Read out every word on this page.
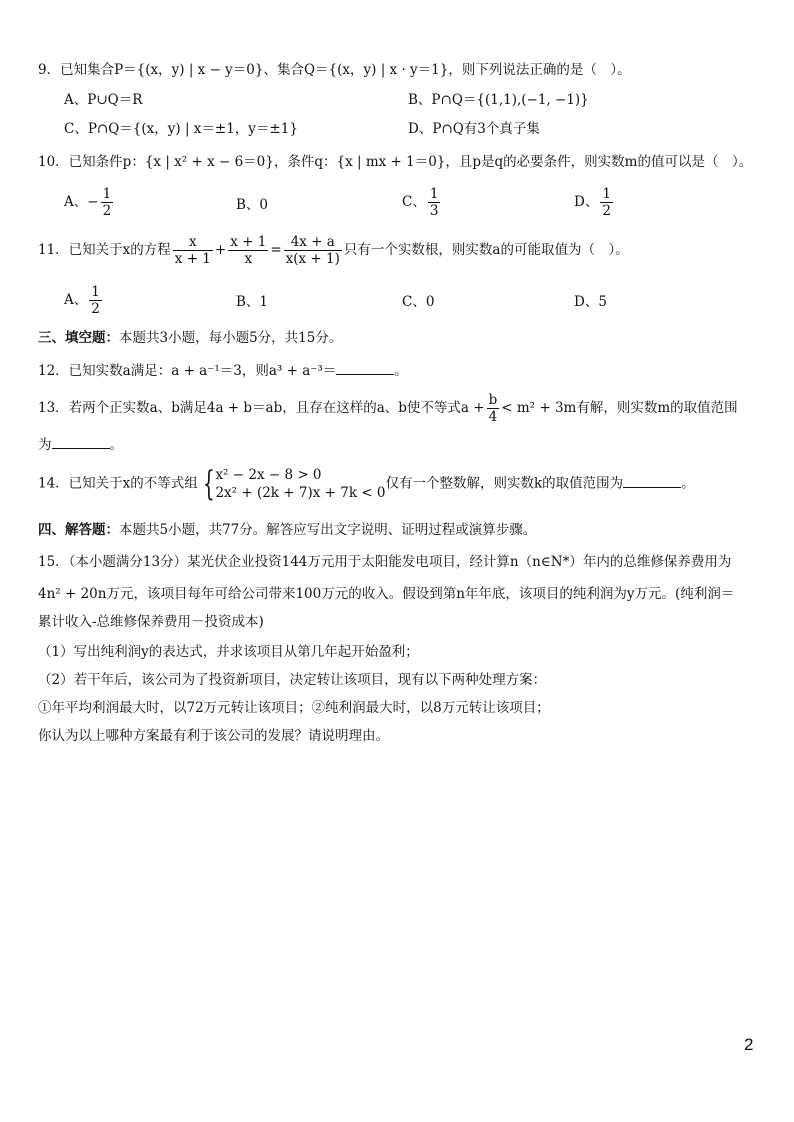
9．已知集合P＝{(x，y) | x − y＝0}、集合Q＝{(x，y) | x · y＝1}，则下列说法正确的是（　）。
A、P∪Q＝R	B、P∩Q＝{(1,1),(−1, −1)}
C、P∩Q＝{(x，y) | x＝±1，y＝±1}	D、P∩Q有3个真子集
10．已知条件p：{x | x² + x − 6＝0}，条件q：{x | mx + 1＝0}，且p是q的必要条件，则实数m的值可以是（　）。
A、− $\frac{1}{2}$	B、0	C、 $\frac{1}{3}$	D、 $\frac{1}{2}$
11．已知关于x的方程 $\frac{x}{x + 1} + \frac{x + 1}{x} = \frac{4x + a}{x(x + 1)}$ 只有一个实数根，则实数a的可能取值为（　）。
A、 $\frac{1}{2}$	B、1	C、0	D、5
三、填空题：本题共3小题，每小题5分，共15分。
12．已知实数a满足：a + a⁻¹＝3，则a³ + a⁻³＝	。
13．若两个正实数a、b满足4a + b＝ab，且存在这样的a、b使不等式$a + \frac{b}{4} < m^2 + 3m$有解，则实数m的取值范围
为	。
14．已知关于x的不等式组 { x² − 2x − 8 > 0
2x² + (2k + 7)x + 7k < 0
仅有一个整数解，则实数k的取值范围为	。
四、解答题：本题共5小题，共77分。解答应写出文字说明、证明过程或演算步骤。
15．（本小题满分13分）某光伏企业投资144万元用于太阳能发电项目，经计算n（n∈N*）年内的总维修保养费用为
4n² + 20n万元，该项目每年可给公司带来100万元的收入。假设到第n年年底，该项目的纯利润为y万元。(纯利润＝
累计收入-总维修保养费用－投资成本)
（1）写出纯利润y的表达式，并求该项目从第几年起开始盈利；
（2）若干年后，该公司为了投资新项目，决定转让该项目，现有以下两种处理方案：
①年平均利润最大时，以72万元转让该项目；②纯利润最大时，以8万元转让该项目；
你认为以上哪种方案最有利于该公司的发展？请说明理由。
2
